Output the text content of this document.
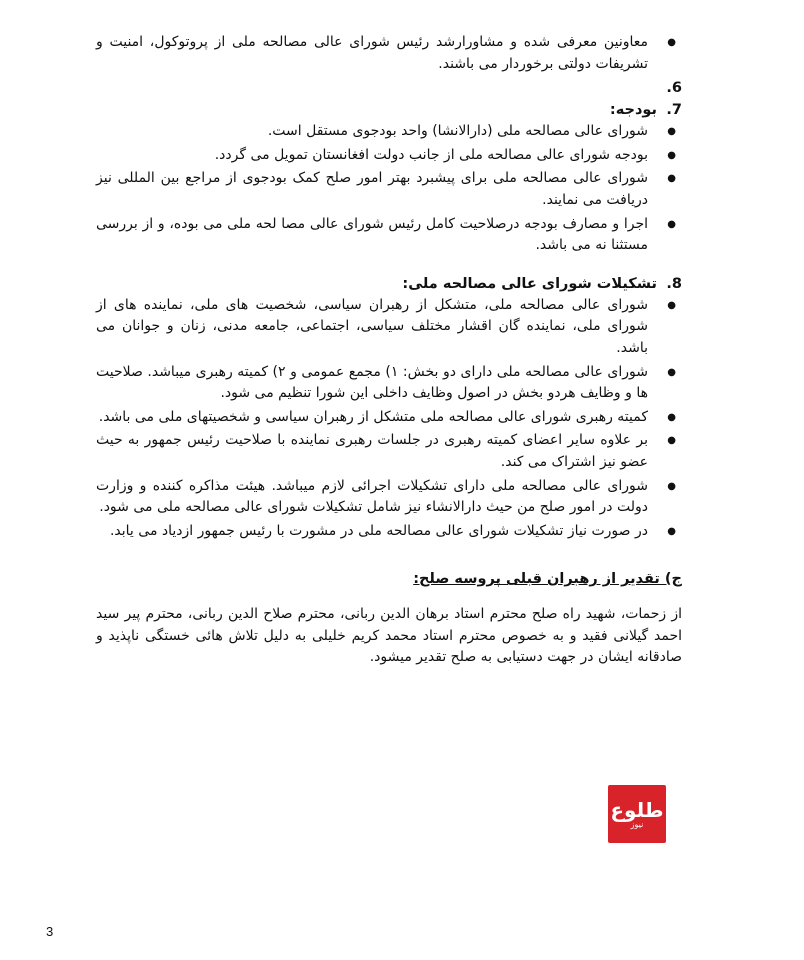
● معاونین معرفی شده و مشاورارشد رئیس شورای عالی مصالحه ملی از پروتوکول، امنیت و تشریفات دولتی برخوردار می باشند.
6.
7. بودجه:
● شورای عالی مصالحه ملی (دارالانشا) واحد بودجوی مستقل است.
● بودجه شورای عالی مصالحه ملی از جانب دولت افغانستان تمویل می گردد.
● شورای عالی مصالحه ملی برای پیشبرد بهتر امور صلح کمک بودجوی از مراجع بین المللی نیز دریافت می نمایند.
● اجرا و مصارف بودجه درصلاحیت کامل رئیس شورای عالی مصا لحه ملی می بوده، و از بررسی مستثنا نه می باشد.
8. تشکیلات شورای عالی مصالحه ملی:
● شورای عالی مصالحه ملی، متشکل از رهبران سیاسی، شخصیت های ملی، نماینده های از شورای ملی، نماینده گان اقشار مختلف سیاسی، اجتماعی، جامعه مدنی، زنان و جوانان می باشد.
● شورای عالی مصالحه ملی دارای دو بخش: ۱) مجمع عمومی و ۲) کمیته رهبری میباشد. صلاحیت ها و وظایف هردو بخش در اصول وظایف داخلی این شورا تنظیم می شود.
● کمیته رهبری شورای عالی مصالحه ملی متشکل از رهبران سیاسی و شخصیتهای ملی می باشد.
● بر علاوه سایر اعضای کمیته رهبری در جلسات رهبری نماینده با صلاحیت رئیس جمهور به حیث عضو نیز اشتراک می کند.
● شورای عالی مصالحه ملی دارای تشکیلات اجرائی لازم میباشد. هیئت مذاکره کننده و وزارت دولت در امور صلح من حیث دارالانشاء نیز شامل تشکیلات شورای عالی مصالحه ملی می شود.
● در صورت نیاز تشکیلات شورای عالی مصالحه ملی در مشورت با رئیس جمهور ازدیاد می یابد.
ج) تقدیر از رهبران قبلی پروسه صلح:
از زحمات، شهید راه صلح محترم استاد برهان الدین ربانی، محترم صلاح الدین ربانی، محترم پیر سید احمد گیلانی فقید و به خصوص محترم استاد محمد کریم خلیلی به دلیل تلاش هائی خستگی ناپذید و صادقانه ایشان در جهت دستیابی به صلح تقدیر میشود.
طلوع
نیوز
3
